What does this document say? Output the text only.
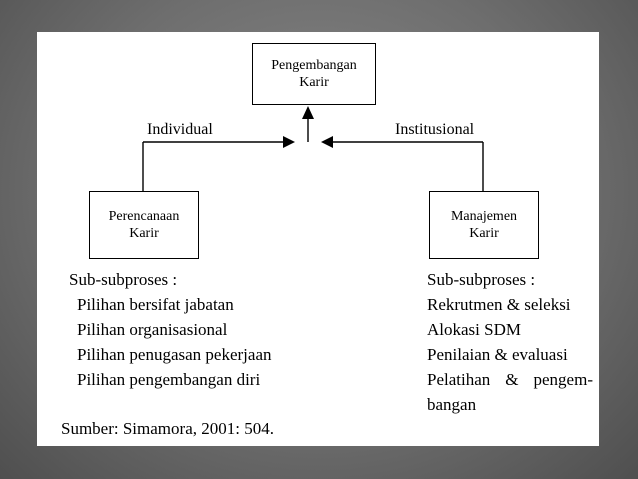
Pengembangan
Karir
Individual	Institusional
Perencanaan
Karir
Manajemen
Karir
Sub-subproses :
Pilihan bersifat jabatan
Pilihan organisasional
Pilihan penugasan pekerjaan
Pilihan pengembangan diri
Sub-subproses :
Rekrutmen & seleksi
Alokasi SDM
Penilaian & evaluasi
Pelatihan & pengem-
bangan
Sumber: Simamora, 2001: 504.
